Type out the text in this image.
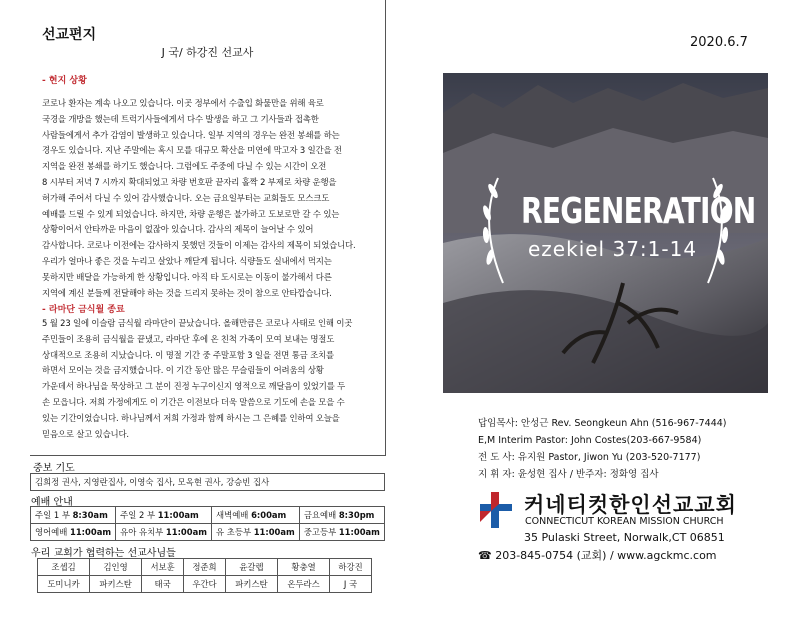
선교편지
J 국/ 하강진 선교사
- 현지 상황
코로나 환자는 계속 나오고 있습니다. 이곳 정부에서 수출입 화물만을 위해 육로
국경을 개방을 했는데 트럭기사들에게서 다수 발생을 하고 그 기사들과 접촉한
사람들에게서 추가 감염이 발생하고 있습니다. 일부 지역의 경우는 완전 봉쇄를 하는
경우도 있습니다. 지난 주말에는 혹시 모를 대규모 확산을 미연에 막고자 3 일간을 전
지역을 완전 봉쇄를 하기도 했습니다. 그럼에도 주중에 다닐 수 있는 시간이 오전
8 시부터 저녁 7 시까지 확대되었고 차량 번호판 끝자리 홀짝 2 부제로 차량 운행을
허가해 주어서 다닐 수 있어 감사했습니다. 오는 금요일부터는 교회들도 모스크도
예배를 드릴 수 있게 되었습니다. 하지만, 차량 운행은 불가하고 도보로만 갈 수 있는
상황이어서 안타까운 마음이 없잖아 있습니다. 감사의 제목이 늘어날 수 있어
감사합니다. 코로나 이전에는 감사하지 못했던 것들이 이제는 감사의 제목이 되었습니다.
우리가 얼마나 좋은 것을 누리고 살았나 깨닫게 됩니다. 식량들도 실내에서 먹지는
못하지만 배달을 가능하게 한 상황입니다. 아직 타 도시로는 이동이 불가해서 다른
지역에 계신 분들께 전달해야 하는 것을 드리지 못하는 것이 참으로 안타깝습니다.
- 라마단 금식월 종료
5 월 23 일에 이슬람 금식월 라마단이 끝났습니다. 올해만큼은 코로나 사태로 인해 이곳
주민들이 조용히 금식월을 끝냈고, 라마단 후에 온 친척 가족이 모여 보내는 명절도
상대적으로 조용히 지났습니다. 이 명절 기간 중 주말포함 3 일을 전면 통금 조치를
하면서 모이는 것을 금지했습니다. 이 기간 동안 많은 무슬림들이 어려움의 상황
가운데서 하나님을 묵상하고 그 분이 진정 누구이신지 영적으로 깨달음이 있었기를 두
손 모읍니다. 저희 가정에게도 이 기간은 이전보다 더욱 말씀으로 기도에 손을 모을 수
있는 기간이었습니다. 하나님께서 저희 가정과 함께 하시는 그 은혜를 인하여 오늘을
믿음으로 살고 있습니다.
중보 기도
김희정 권사, 지영란집사, 이영숙 집사, 모옥현 권사, 강승빈 집사
예배 안내
주일 1 부 8:30am	주일 2 부 11:00am	새벽예배 6:00am	금요예배 8:30pm
영어예배 11:00am	유아 유치부 11:00am	유 초등부 11:00am	중고등부 11:00am
우리 교회가 협력하는 선교사님들
조셉김	김인영	서보훈	정준희	윤갈렙	황충열	하강진
도미니카	파키스탄	태국	우간다	파키스탄	온두라스	J 국
2020.6.7
REGENERATION
ezekiel 37:1-14
답임목사: 안성근 Rev. Seongkeun Ahn (516-967-7444)
E,M Interim Pastor: John Costes(203-667-9584)
전 도 사: 유지원 Pastor, Jiwon Yu (203-520-7177)
지 휘 자: 윤성현 집사 / 반주자: 정화영 집사
커네티컷한인선교교회
CONNECTICUT KOREAN MISSION CHURCH
35 Pulaski Street, Norwalk,CT 06851
☎ 203-845-0754 (교회) / www.agckmc.com
